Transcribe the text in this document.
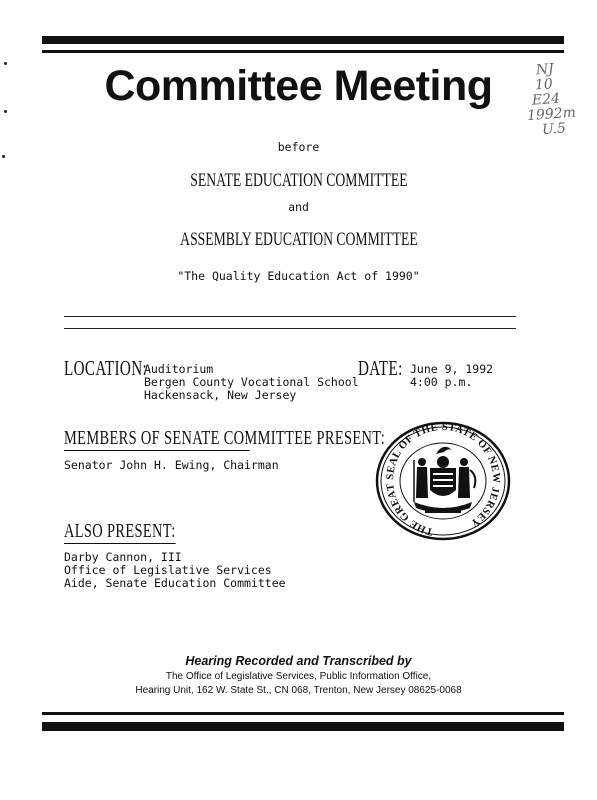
Committee Meeting	NJ
10
E24
1992m
U.5
before
SENATE EDUCATION COMMITTEE
and
ASSEMBLY EDUCATION COMMITTEE
"The Quality Education Act of 1990"
LOCATION:
Auditorium
Bergen County Vocational School
Hackensack, New Jersey
DATE: June 9, 1992
4:00 p.m.
MEMBERS OF SENATE COMMITTEE PRESENT:
Senator John H. Ewing, Chairman
ALSO PRESENT:
Darby Cannon, III
Office of Legislative Services
Aide, Senate Education Committee
THE GREAT SEAL OF THE STATE OF NEW JERSEY
Hearing Recorded and Transcribed by
The Office of Legislative Services, Public Information Office,
Hearing Unit, 162 W. State St., CN 068, Trenton, New Jersey 08625-0068
